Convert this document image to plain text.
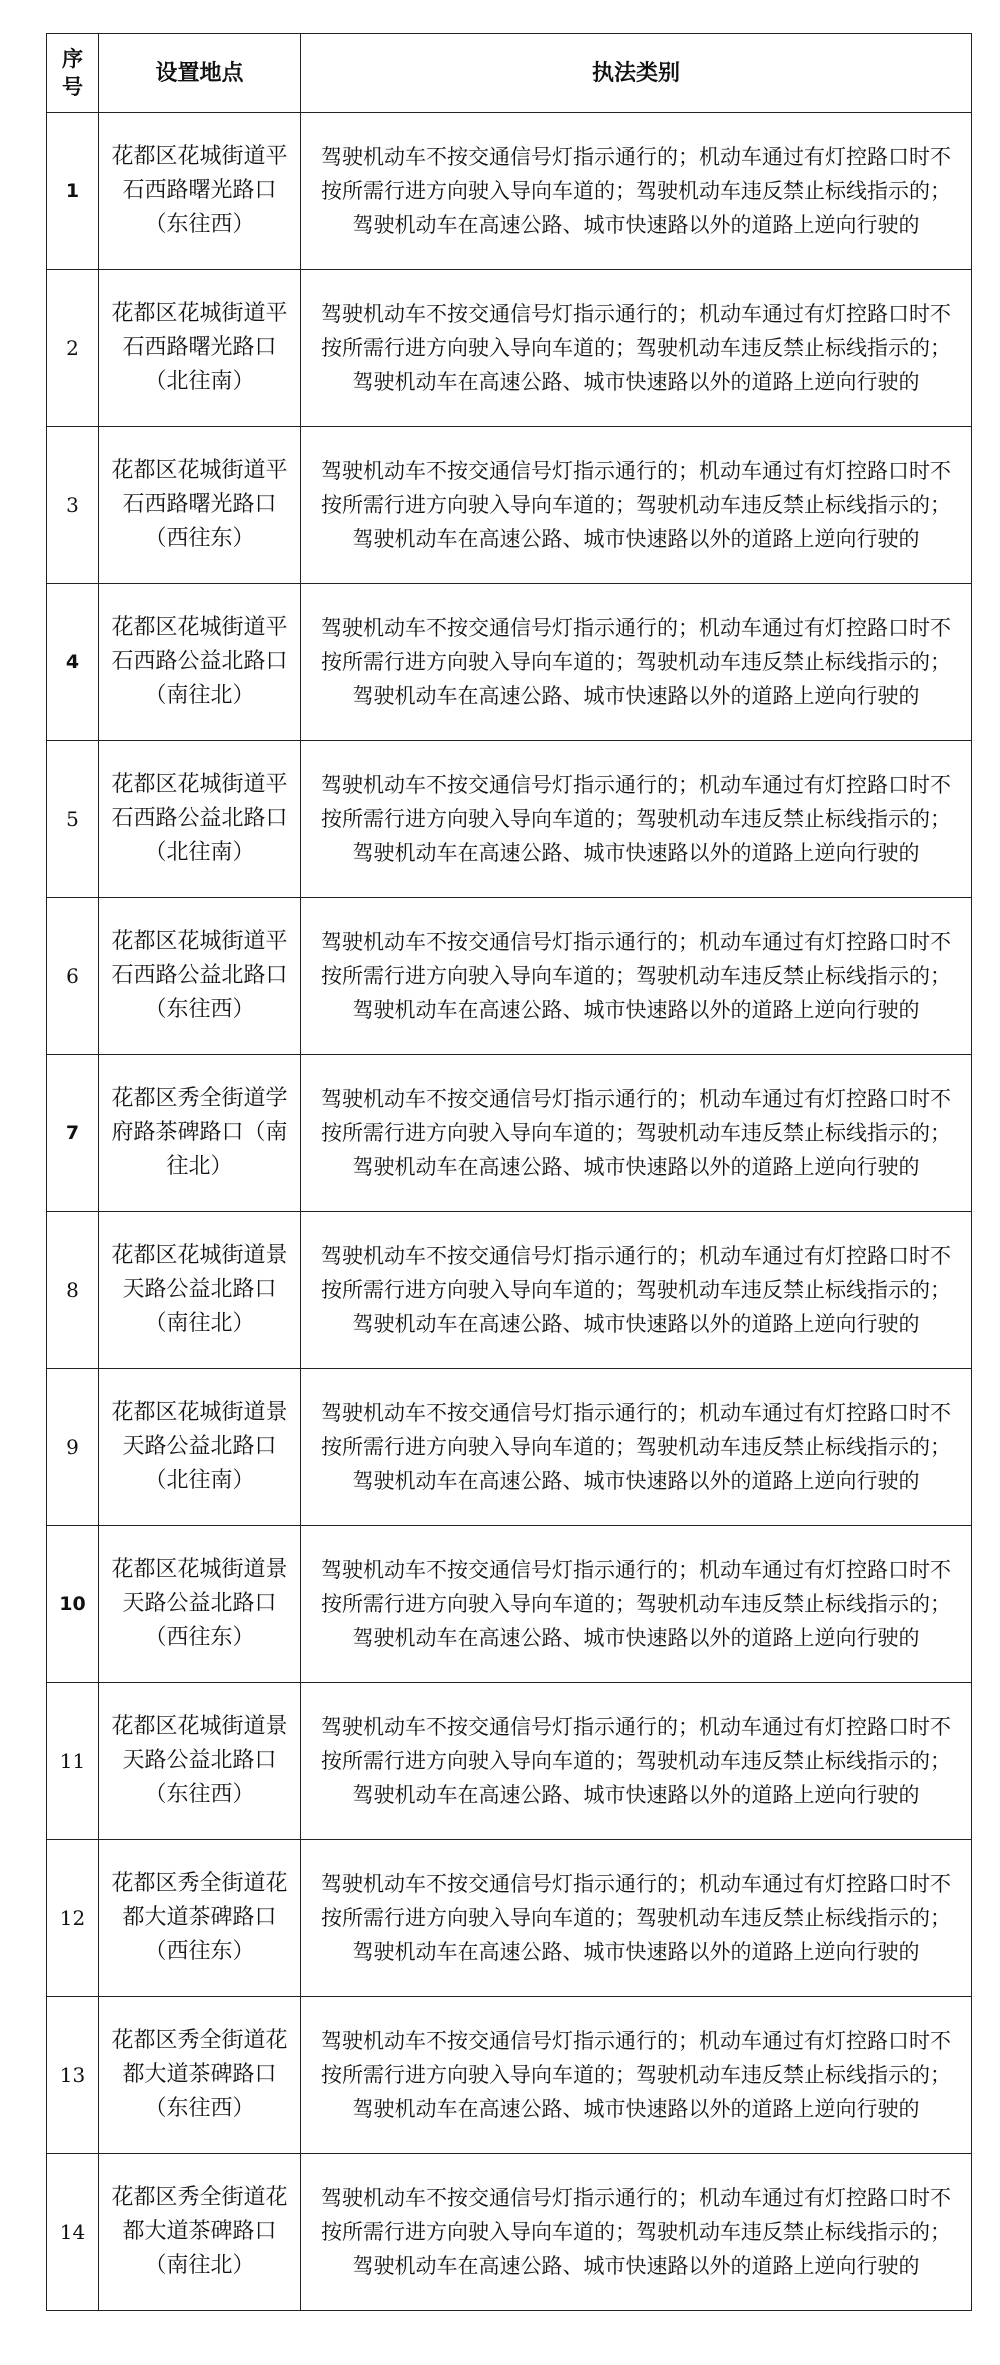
序号	设置地点	执法类别
1	花都区花城街道平石西路曙光路口（东往西）	驾驶机动车不按交通信号灯指示通行的；机动车通过有灯控路口时不按所需行进方向驶入导向车道的；驾驶机动车违反禁止标线指示的；驾驶机动车在高速公路、城市快速路以外的道路上逆向行驶的
2	花都区花城街道平石西路曙光路口（北往南）	驾驶机动车不按交通信号灯指示通行的；机动车通过有灯控路口时不按所需行进方向驶入导向车道的；驾驶机动车违反禁止标线指示的；驾驶机动车在高速公路、城市快速路以外的道路上逆向行驶的
3	花都区花城街道平石西路曙光路口（西往东）	驾驶机动车不按交通信号灯指示通行的；机动车通过有灯控路口时不按所需行进方向驶入导向车道的；驾驶机动车违反禁止标线指示的；驾驶机动车在高速公路、城市快速路以外的道路上逆向行驶的
4	花都区花城街道平石西路公益北路口（南往北）	驾驶机动车不按交通信号灯指示通行的；机动车通过有灯控路口时不按所需行进方向驶入导向车道的；驾驶机动车违反禁止标线指示的；驾驶机动车在高速公路、城市快速路以外的道路上逆向行驶的
5	花都区花城街道平石西路公益北路口（北往南）	驾驶机动车不按交通信号灯指示通行的；机动车通过有灯控路口时不按所需行进方向驶入导向车道的；驾驶机动车违反禁止标线指示的；驾驶机动车在高速公路、城市快速路以外的道路上逆向行驶的
6	花都区花城街道平石西路公益北路口（东往西）	驾驶机动车不按交通信号灯指示通行的；机动车通过有灯控路口时不按所需行进方向驶入导向车道的；驾驶机动车违反禁止标线指示的；驾驶机动车在高速公路、城市快速路以外的道路上逆向行驶的
7	花都区秀全街道学府路茶碑路口（南往北）	驾驶机动车不按交通信号灯指示通行的；机动车通过有灯控路口时不按所需行进方向驶入导向车道的；驾驶机动车违反禁止标线指示的；驾驶机动车在高速公路、城市快速路以外的道路上逆向行驶的
8	花都区花城街道景天路公益北路口（南往北）	驾驶机动车不按交通信号灯指示通行的；机动车通过有灯控路口时不按所需行进方向驶入导向车道的；驾驶机动车违反禁止标线指示的；驾驶机动车在高速公路、城市快速路以外的道路上逆向行驶的
9	花都区花城街道景天路公益北路口（北往南）	驾驶机动车不按交通信号灯指示通行的；机动车通过有灯控路口时不按所需行进方向驶入导向车道的；驾驶机动车违反禁止标线指示的；驾驶机动车在高速公路、城市快速路以外的道路上逆向行驶的
10	花都区花城街道景天路公益北路口（西往东）	驾驶机动车不按交通信号灯指示通行的；机动车通过有灯控路口时不按所需行进方向驶入导向车道的；驾驶机动车违反禁止标线指示的；驾驶机动车在高速公路、城市快速路以外的道路上逆向行驶的
11	花都区花城街道景天路公益北路口（东往西）	驾驶机动车不按交通信号灯指示通行的；机动车通过有灯控路口时不按所需行进方向驶入导向车道的；驾驶机动车违反禁止标线指示的；驾驶机动车在高速公路、城市快速路以外的道路上逆向行驶的
12	花都区秀全街道花都大道茶碑路口（西往东）	驾驶机动车不按交通信号灯指示通行的；机动车通过有灯控路口时不按所需行进方向驶入导向车道的；驾驶机动车违反禁止标线指示的；驾驶机动车在高速公路、城市快速路以外的道路上逆向行驶的
13	花都区秀全街道花都大道茶碑路口（东往西）	驾驶机动车不按交通信号灯指示通行的；机动车通过有灯控路口时不按所需行进方向驶入导向车道的；驾驶机动车违反禁止标线指示的；驾驶机动车在高速公路、城市快速路以外的道路上逆向行驶的
14	花都区秀全街道花都大道茶碑路口（南往北）	驾驶机动车不按交通信号灯指示通行的；机动车通过有灯控路口时不按所需行进方向驶入导向车道的；驾驶机动车违反禁止标线指示的；驾驶机动车在高速公路、城市快速路以外的道路上逆向行驶的
